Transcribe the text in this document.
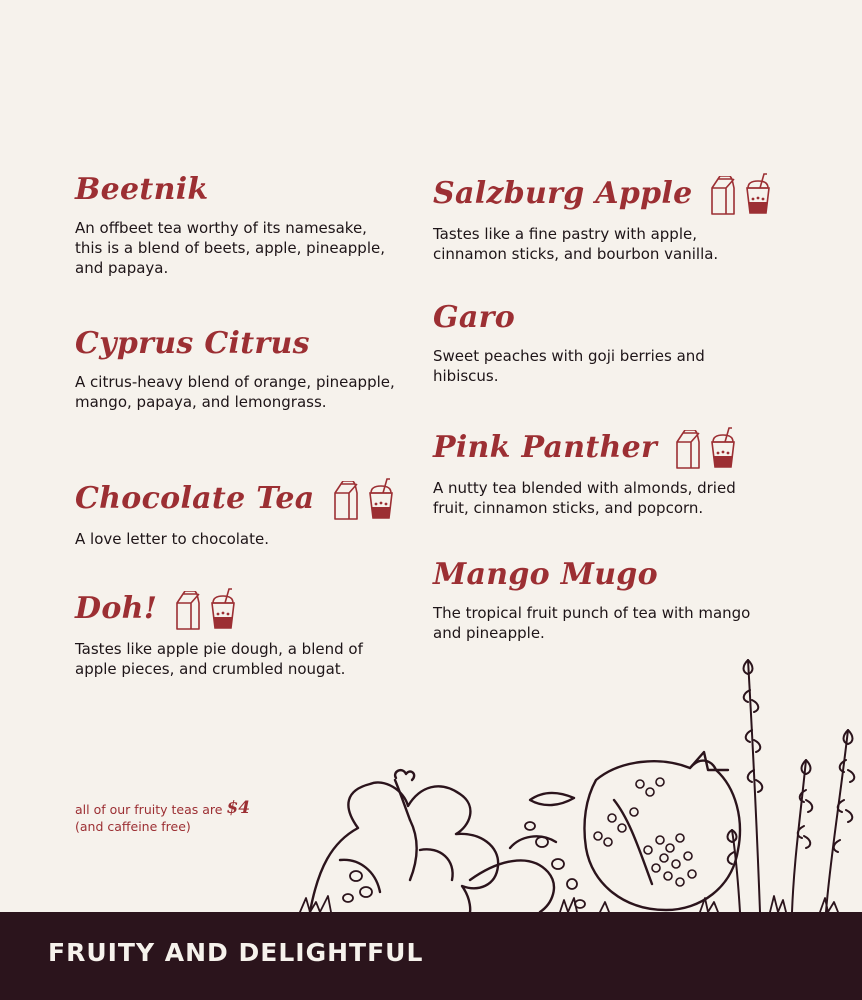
Beetnik
An offbeet tea worthy of its namesake, this is a blend of beets, apple, pineapple, and papaya.
Cyprus Citrus
A citrus-heavy blend of orange, pineapple, mango, papaya, and lemongrass.
Chocolate Tea
A love letter to chocolate.
Doh!
Tastes like apple pie dough, a blend of apple pieces, and crumbled nougat.
Salzburg Apple
Tastes like a fine pastry with apple, cinnamon sticks, and bourbon vanilla.
Garo
Sweet peaches with goji berries and hibiscus.
Pink Panther
A nutty tea blended with almonds, dried fruit, cinnamon sticks, and popcorn.
Mango Mugo
The tropical fruit punch of tea with mango and pineapple.
all of our fruity teas are $4
(and caffeine free)
FRUITY AND DELIGHTFUL
